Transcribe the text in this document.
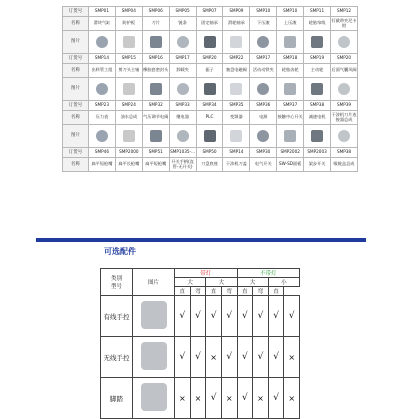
订货号	SMP01	SMP04	SMP06	SMP05	SMP07	SMP09	SMP10	SMP10	SMP11	SMP12
名称	滑块气缸	防护板	刀片	链条	固定轴承	滑轮轴承	下压滚	上压滚	轮胎帘线	钉截带夹尼卡钳
图片										
订货号	SMP14	SMP15	SMP16	SMP17	SMP20	SMP22	SMP17	SMP18	SMP19	SMP20
名称	出料管工组	剪刀头主轴	橡胶套密封头	卸载夹	振子	塞盘电磁阀	活动动铁夹	轮胎齿轮	主动轮	后面气囊风阀
图片										
订货号	SMP23	SMP24	SMP32	SMP33	SMP34	SMP35	SMP36	SMP37	SMP38	SMP39
名称	压力表	油水总成	气压调节电阀	继电器	PLC	变频器	电源	接触中心开关	减速电机	干涉机刀片连接器总成
图片										
订货号	SMP46	SMP2000	SMP51	SMP1035-...	SMP50	SMP14	SMP30	SMP2002	SMP2003	SMP38
名称	扁平短枪嘴	扁平长枪嘴	扁平短枪嘴	开关手柄(直管-无开关)	刀盘底座	干涉机刀盖	电气开关	SW-SD面板	架步开关	喉咙盒总成
可选配件
类别
型号	图片	带灯				不带灯			
		大		大		大		小	
		直	弯	直	弯	直	弯	直	
有线手控		√	√	√	√	√	√	√	√
无线手控		√	√	×	√	√	√	√	×
脚踏		×	×	√	×	√	×	√	×
